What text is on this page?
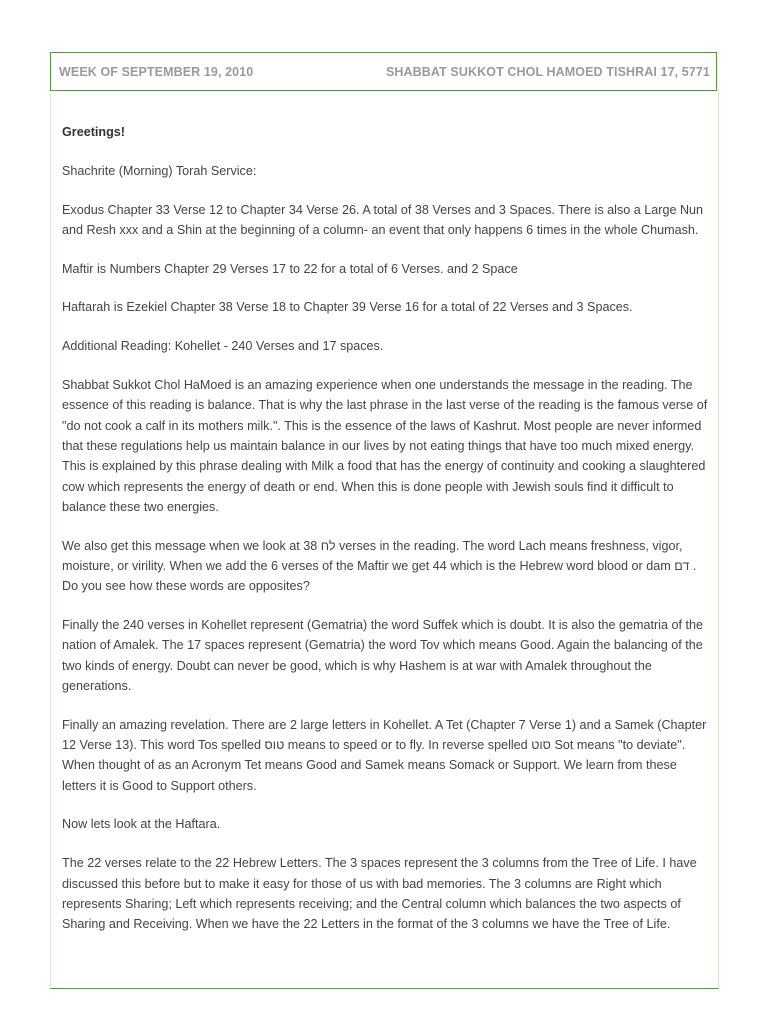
WEEK OF SEPTEMBER 19, 2010	SHABBAT SUKKOT CHOL HAMOED TISHRAI 17, 5771

Greetings!

Shachrite (Morning) Torah Service:

Exodus Chapter 33 Verse 12 to Chapter 34 Verse 26. A total of 38 Verses and 3 Spaces. There is also a Large Nun and Resh xxx and a Shin at the beginning of a column- an event that only happens 6 times in the whole Chumash.

Maftir is Numbers Chapter 29 Verses 17 to 22 for a total of 6 Verses. and 2 Space

Haftarah is Ezekiel Chapter 38 Verse 18 to Chapter 39 Verse 16 for a total of 22 Verses and 3 Spaces.

Additional Reading: Kohellet - 240 Verses and 17 spaces.

Shabbat Sukkot Chol HaMoed is an amazing experience when one understands the message in the reading. The essence of this reading is balance. That is why the last phrase in the last verse of the reading is the famous verse of "do not cook a calf in its mothers milk.". This is the essence of the laws of Kashrut. Most people are never informed that these regulations help us maintain balance in our lives by not eating things that have too much mixed energy. This is explained by this phrase dealing with Milk a food that has the energy of continuity and cooking a slaughtered cow which represents the energy of death or end. When this is done people with Jewish souls find it difficult to balance these two energies.

We also get this message when we look at 38 לח verses in the reading. The word Lach means freshness, vigor, moisture, or virility. When we add the 6 verses of the Maftir we get 44 which is the Hebrew word blood or dam דם . Do you see how these words are opposites?

Finally the 240 verses in Kohellet represent (Gematria) the word Suffek which is doubt. It is also the gematria of the nation of Amalek. The 17 spaces represent (Gematria) the word Tov which means Good. Again the balancing of the two kinds of energy. Doubt can never be good, which is why Hashem is at war with Amalek throughout the generations.

Finally an amazing revelation. There are 2 large letters in Kohellet. A Tet (Chapter 7 Verse 1) and a Samek (Chapter 12 Verse 13). This word Tos spelled טוס means to speed or to fly. In reverse spelled סוט Sot means "to deviate". When thought of as an Acronym Tet means Good and Samek means Somack or Support. We learn from these letters it is Good to Support others.

Now lets look at the Haftara.

The 22 verses relate to the 22 Hebrew Letters. The 3 spaces represent the 3 columns from the Tree of Life. I have discussed this before but to make it easy for those of us with bad memories. The 3 columns are Right which represents Sharing; Left which represents receiving; and the Central column which balances the two aspects of Sharing and Receiving. When we have the 22 Letters in the format of the 3 columns we have the Tree of Life.
